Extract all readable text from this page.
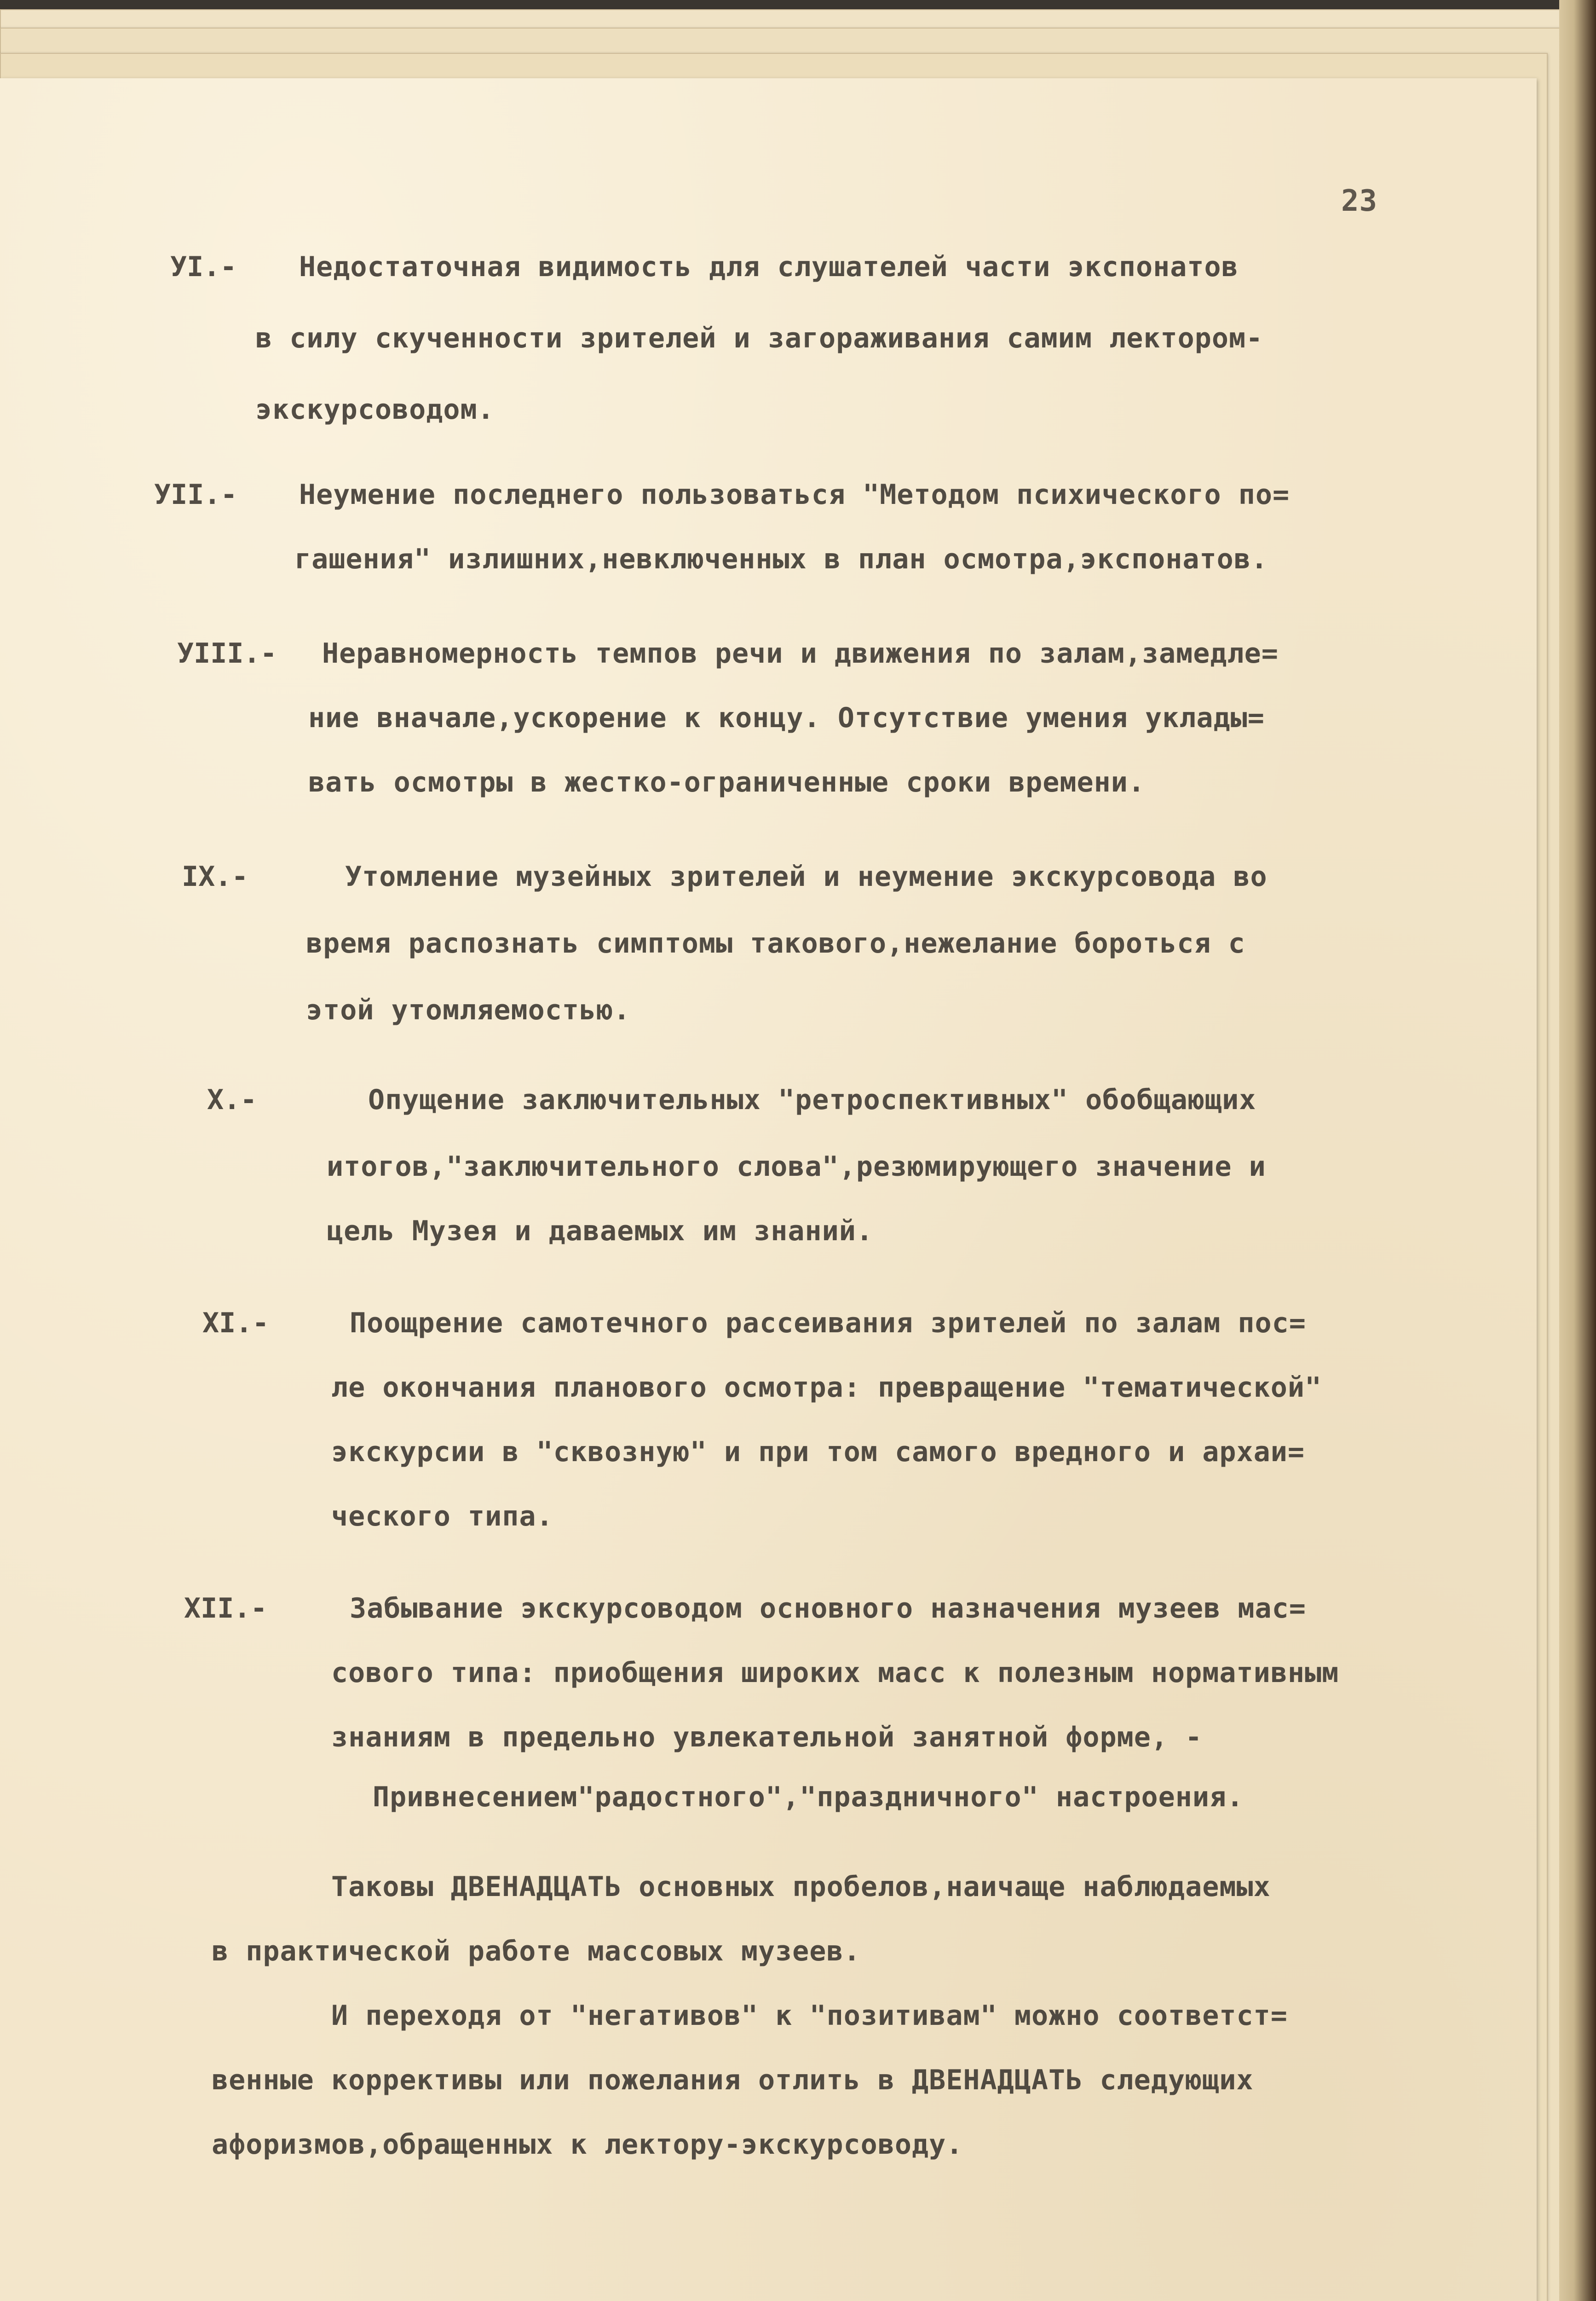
23
УI.- Недостаточная видимость для слушателей части экспонатов
в силу скученности зрителей и загораживания самим лектором-
экскурсоводом.
УII.- Неумение последнего пользоваться "Методом психического по=
гашения" излишних,невключенных в план осмотра,экспонатов.
УIII.- Неравномерность темпов речи и движения по залам,замедле=
ние вначале,ускорение к концу. Отсутствие умения уклады=
вать осмотры в жестко-ограниченные сроки времени.
IX.-	Утомление музейных зрителей и неумение экскурсовода во
время распознать симптомы такового,нежелание бороться с
этой утомляемостью.
X.-	Опущение заключительных "ретроспективных" обобщающих
итогов,"заключительного слова",резюмирующего значение и
цель Музея и даваемых им знаний.
XI.-	Поощрение самотечного рассеивания зрителей по залам пос=
ле окончания планового осмотра: превращение "тематической"
экскурсии в "сквозную" и при том самого вредного и архаи=
ческого типа.
XII.-	Забывание экскурсоводом основного назначения музеев мас=
сового типа: приобщения широких масс к полезным нормативным
знаниям в предельно увлекательной занятной форме, -
Привнесением"радостного","праздничного" настроения.
Таковы ДВЕНАДЦАТЬ основных пробелов,наичаще наблюдаемых
в практической работе массовых музеев.
И переходя от "негативов" к "позитивам" можно соответст=
венные коррективы или пожелания отлить в ДВЕНАДЦАТЬ следующих
афоризмов,обращенных к лектору-экскурсоводу.
